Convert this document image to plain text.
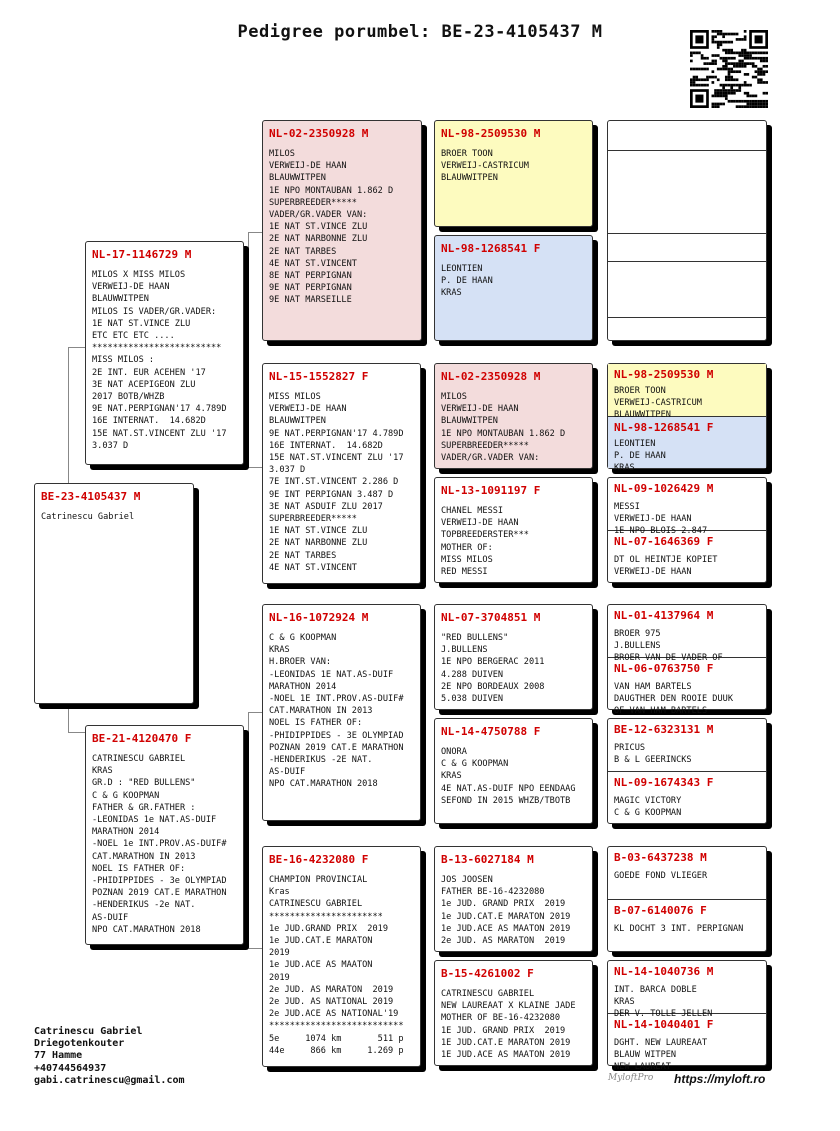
Pedigree porumbel: BE-23-4105437 M
BE-23-4105437 M
Catrinescu Gabriel
NL-17-1146729 M
MILOS X MISS MILOS
VERWEIJ-DE HAAN
BLAUWWITPEN
MILOS IS VADER/GR.VADER:
1E NAT ST.VINCE ZLU
ETC ETC ETC ....
*************************
MISS MILOS :
2E INT. EUR ACEHEN '17
3E NAT ACEPIGEON ZLU
2017 BOTB/WHZB
9E NAT.PERPIGNAN'17 4.789D
16E INTERNAT.  14.682D
15E NAT.ST.VINCENT ZLU '17
3.037 D
BE-21-4120470 F
CATRINESCU GABRIEL
KRAS
GR.D : "RED BULLENS"
C & G KOOPMAN
FATHER & GR.FATHER :
-LEONIDAS 1e NAT.AS-DUIF
MARATHON 2014
-NOEL 1e INT.PROV.AS-DUIF#
CAT.MARATHON IN 2013
NOEL IS FATHER OF:
-PHIDIPPIDES - 3e OLYMPIAD
POZNAN 2019 CAT.E MARATHON
-HENDERIKUS -2e NAT.
AS-DUIF
NPO CAT.MARATHON 2018
NL-02-2350928 M
MILOS
VERWEIJ-DE HAAN
BLAUWWITPEN
1E NPO MONTAUBAN 1.862 D
SUPERBREEDER*****
VADER/GR.VADER VAN:
1E NAT ST.VINCE ZLU
2E NAT NARBONNE ZLU
2E NAT TARBES
4E NAT ST.VINCENT
8E NAT PERPIGNAN
9E NAT PERPIGNAN
9E NAT MARSEILLE
NL-15-1552827 F
MISS MILOS
VERWEIJ-DE HAAN
BLAUWWITPEN
9E NAT.PERPIGNAN'17 4.789D
16E INTERNAT.  14.682D
15E NAT.ST.VINCENT ZLU '17
3.037 D
7E INT.ST.VINCENT 2.286 D
9E INT PERPIGNAN 3.487 D
3E NAT ASDUIF ZLU 2017
SUPERBREEDER*****
1E NAT ST.VINCE ZLU
2E NAT NARBONNE ZLU
2E NAT TARBES
4E NAT ST.VINCENT
NL-16-1072924 M
C & G KOOPMAN
KRAS
H.BROER VAN:
-LEONIDAS 1E NAT.AS-DUIF
MARATHON 2014
-NOEL 1E INT.PROV.AS-DUIF#
CAT.MARATHON IN 2013
NOEL IS FATHER OF:
-PHIDIPPIDES - 3E OLYMPIAD
POZNAN 2019 CAT.E MARATHON
-HENDERIKUS -2E NAT.
AS-DUIF
NPO CAT.MARATHON 2018
BE-16-4232080 F
CHAMPION PROVINCIAL
Kras
CATRINESCU GABRIEL
**********************
1e JUD.GRAND PRIX  2019
1e JUD.CAT.E MARATON
2019
1e JUD.ACE AS MAATON
2019
2e JUD. AS MARATON  2019
2e JUD. AS NATIONAL 2019
2e JUD.ACE AS NATIONAL'19
**************************
5e     1074 km       511 p
44e     866 km     1.269 p
NL-98-2509530 M
BROER TOON
VERWEIJ-CASTRICUM
BLAUWWITPEN
NL-98-1268541 F
LEONTIEN
P. DE HAAN
KRAS
NL-02-2350928 M
MILOS
VERWEIJ-DE HAAN
BLAUWWITPEN
1E NPO MONTAUBAN 1.862 D
SUPERBREEDER*****
VADER/GR.VADER VAN:
NL-13-1091197 F
CHANEL MESSI
VERWEIJ-DE HAAN
TOPBREEDERSTER***
MOTHER OF:
MISS MILOS
RED MESSI
NL-07-3704851 M
"RED BULLENS"
J.BULLENS
1E NPO BERGERAC 2011
4.288 DUIVEN
2E NPO BORDEAUX 2008
5.038 DUIVEN
NL-14-4750788 F
ONORA
C & G KOOPMAN
KRAS
4E NAT.AS-DUIF NPO EENDAAG
SEFOND IN 2015 WHZB/TBOTB
B-13-6027184 M
JOS JOOSEN
FATHER BE-16-4232080
1e JUD. GRAND PRIX  2019
1e JUD.CAT.E MARATON 2019
1e JUD.ACE AS MAATON 2019
2e JUD. AS MARATON  2019
B-15-4261002 F
CATRINESCU GABRIEL
NEW LAUREAAT X KLAINE JADE
MOTHER OF BE-16-4232080
1E JUD. GRAND PRIX  2019
1E JUD.CAT.E MARATON 2019
1E JUD.ACE AS MAATON 2019
NL-98-2509530 M
BROER TOON
VERWEIJ-CASTRICUM
BLAUWWITPEN
NL-98-1268541 F
LEONTIEN
P. DE HAAN
KRAS
NL-09-1026429 M
MESSI
VERWEIJ-DE HAAN
1E NPO BLOIS 2.847
NL-07-1646369 F
DT OL HEINTJE KOPIET
VERWEIJ-DE HAAN
NL-01-4137964 M
BROER 975
J.BULLENS
BROER VAN DE VADER OF
NL-06-0763750 F
VAN HAM BARTELS
DAUGTHER DEN ROOIE DUUK
OF VAN HAM BARTELS
BE-12-6323131 M
PRICUS
B & L GEERINCKS
NL-09-1674343 F
MAGIC VICTORY
C & G KOOPMAN
B-03-6437238 M
GOEDE FOND VLIEGER
B-07-6140076 F
KL DOCHT 3 INT. PERPIGNAN
NL-14-1040736 M
INT. BARCA DOBLE
KRAS
DER V. TOLLE JELLEN
NL-14-1040401 F
DGHT. NEW LAUREAAT
BLAUW WITPEN
NEW LAUREAT
Catrinescu Gabriel
Driegotenkouter
77 Hamme
+40744564937
gabi.catrinescu@gmail.com	MyloftPro https://myloft.ro
